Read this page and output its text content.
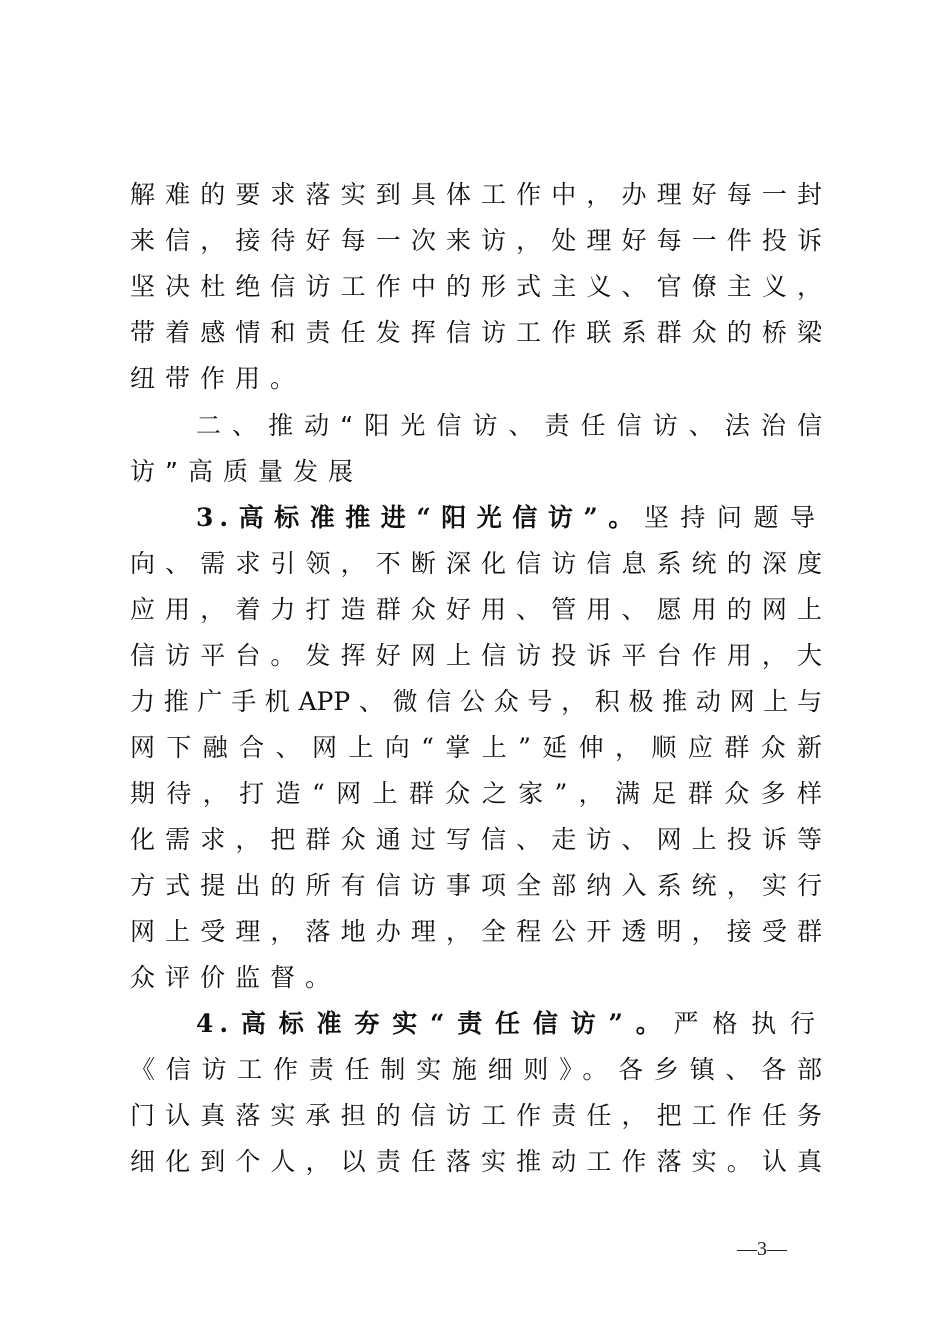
解难的要求落实到具体工作中，办理好每一封
来信，接待好每一次来访，处理好每一件投诉
坚决杜绝信访工作中的形式主义、官僚主义，
带着感情和责任发挥信访工作联系群众的桥梁
纽带作用。
二、推动“阳光信访、责任信访、法治信
访”高质量发展
3.高标准推进“阳光信访”。坚持问题导
向、需求引领，不断深化信访信息系统的深度
应用，着力打造群众好用、管用、愿用的网上
信访平台。发挥好网上信访投诉平台作用，大
力推广手机APP、微信公众号，积极推动网上与
网下融合、网上向“掌上”延伸，顺应群众新
期待，打造“网上群众之家”，满足群众多样
化需求，把群众通过写信、走访、网上投诉等
方式提出的所有信访事项全部纳入系统，实行
网上受理，落地办理，全程公开透明，接受群
众评价监督。
4.高标准夯实“责任信访”。严格执行
《信访工作责任制实施细则》。各乡镇、各部
门认真落实承担的信访工作责任，把工作任务
细化到个人，以责任落实推动工作落实。认真
—3—
